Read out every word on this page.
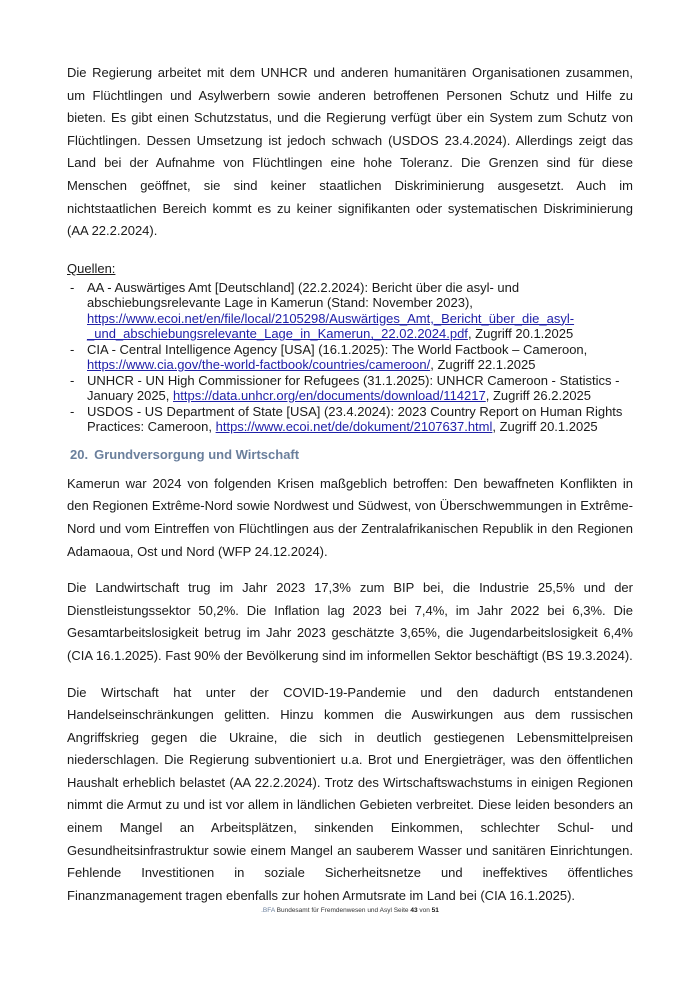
Die Regierung arbeitet mit dem UNHCR und anderen humanitären Organisationen zusammen, um Flüchtlingen und Asylwerbern sowie anderen betroffenen Personen Schutz und Hilfe zu bieten. Es gibt einen Schutzstatus, und die Regierung verfügt über ein System zum Schutz von Flüchtlingen. Dessen Umsetzung ist jedoch schwach (USDOS 23.4.2024). Allerdings zeigt das Land bei der Aufnahme von Flüchtlingen eine hohe Toleranz. Die Grenzen sind für diese Menschen geöffnet, sie sind keiner staatlichen Diskriminierung ausgesetzt. Auch im nichtstaatlichen Bereich kommt es zu keiner signifikanten oder systematischen Diskriminierung (AA 22.2.2024).

Quellen:
- AA - Auswärtiges Amt [Deutschland] (22.2.2024): Bericht über die asyl- und abschiebungsrelevante Lage in Kamerun (Stand: November 2023), https://www.ecoi.net/en/file/local/2105298/Auswärtiges_Amt,_Bericht_über_die_asyl-_und_abschiebungsrelevante_Lage_in_Kamerun,_22.02.2024.pdf, Zugriff 20.1.2025
- CIA - Central Intelligence Agency [USA] (16.1.2025): The World Factbook – Cameroon, https://www.cia.gov/the-world-factbook/countries/cameroon/, Zugriff 22.1.2025
- UNHCR - UN High Commissioner for Refugees (31.1.2025): UNHCR Cameroon - Statistics - January 2025, https://data.unhcr.org/en/documents/download/114217, Zugriff 26.2.2025
- USDOS - US Department of State [USA] (23.4.2024): 2023 Country Report on Human Rights Practices: Cameroon, https://www.ecoi.net/de/dokument/2107637.html, Zugriff 20.1.2025
20. Grundversorgung und Wirtschaft

Kamerun war 2024 von folgenden Krisen maßgeblich betroffen: Den bewaffneten Konflikten in den Regionen Extrême-Nord sowie Nordwest und Südwest, von Überschwemmungen in Extrême-Nord und vom Eintreffen von Flüchtlingen aus der Zentralafrikanischen Republik in den Regionen Adamaoua, Ost und Nord (WFP 24.12.2024).

Die Landwirtschaft trug im Jahr 2023 17,3% zum BIP bei, die Industrie 25,5% und der Dienstleistungssektor 50,2%. Die Inflation lag 2023 bei 7,4%, im Jahr 2022 bei 6,3%. Die Gesamtarbeitslosigkeit betrug im Jahr 2023 geschätzte 3,65%, die Jugendarbeitslosigkeit 6,4% (CIA 16.1.2025). Fast 90% der Bevölkerung sind im informellen Sektor beschäftigt (BS 19.3.2024).

Die Wirtschaft hat unter der COVID-19-Pandemie und den dadurch entstandenen Handelseinschränkungen gelitten. Hinzu kommen die Auswirkungen aus dem russischen Angriffskrieg gegen die Ukraine, die sich in deutlich gestiegenen Lebensmittelpreisen niederschlagen. Die Regierung subventioniert u.a. Brot und Energieträger, was den öffentlichen Haushalt erheblich belastet (AA 22.2.2024). Trotz des Wirtschaftswachstums in einigen Regionen nimmt die Armut zu und ist vor allem in ländlichen Gebieten verbreitet. Diese leiden besonders an einem Mangel an Arbeitsplätzen, sinkenden Einkommen, schlechter Schul- und Gesundheitsinfrastruktur sowie einem Mangel an sauberem Wasser und sanitären Einrichtungen. Fehlende Investitionen in soziale Sicherheitsnetze und ineffektives öffentliches Finanzmanagement tragen ebenfalls zur hohen Armutsrate im Land bei (CIA 16.1.2025).

.BFA Bundesamt für Fremdenwesen und Asyl Seite 43 von 51
